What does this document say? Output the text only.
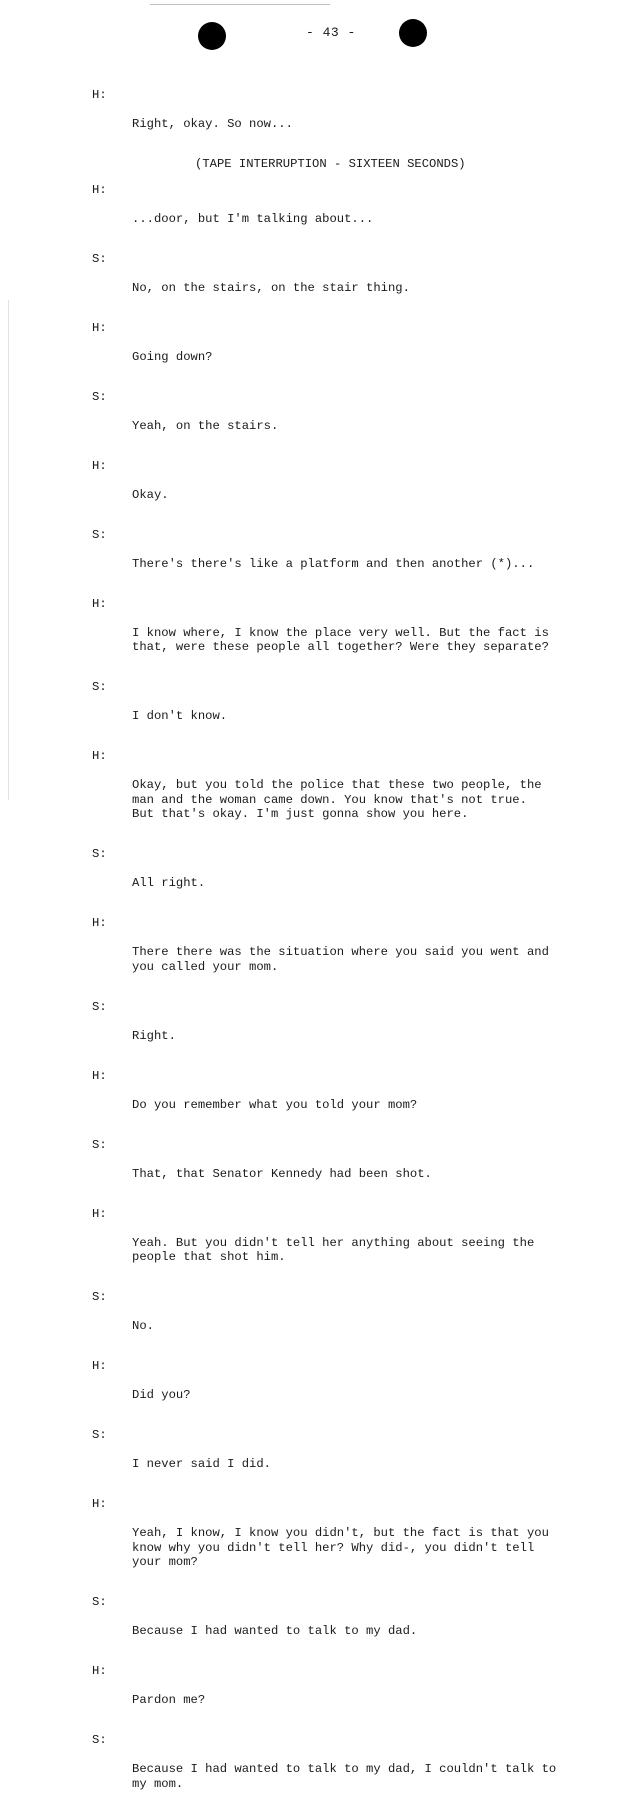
- 43 -

H:

Right, okay. So now...

(TAPE INTERRUPTION - SIXTEEN SECONDS)

H:

...door, but I'm talking about...

S:

No, on the stairs, on the stair thing.

H:

Going down?

S:

Yeah, on the stairs.

H:

Okay.

S:

There's there's like a platform and then another (*)...

H:

I know where, I know the place very well. But the fact is
that, were these people all together? Were they separate?

S:

I don't know.

H:

Okay, but you told the police that these two people, the
man and the woman came down. You know that's not true.
But that's okay. I'm just gonna show you here.

S:

All right.

H:

There there was the situation where you said you went and
you called your mom.

S:

Right.

H:

Do you remember what you told your mom?

S:

That, that Senator Kennedy had been shot.

H:

Yeah. But you didn't tell her anything about seeing the
people that shot him.

S:

No.

H:

Did you?

S:

I never said I did.

H:

Yeah, I know, I know you didn't, but the fact is that you
know why you didn't tell her? Why did-, you didn't tell
your mom?

S:

Because I had wanted to talk to my dad.

H:

Pardon me?

S:

Because I had wanted to talk to my dad, I couldn't talk to
my mom.
